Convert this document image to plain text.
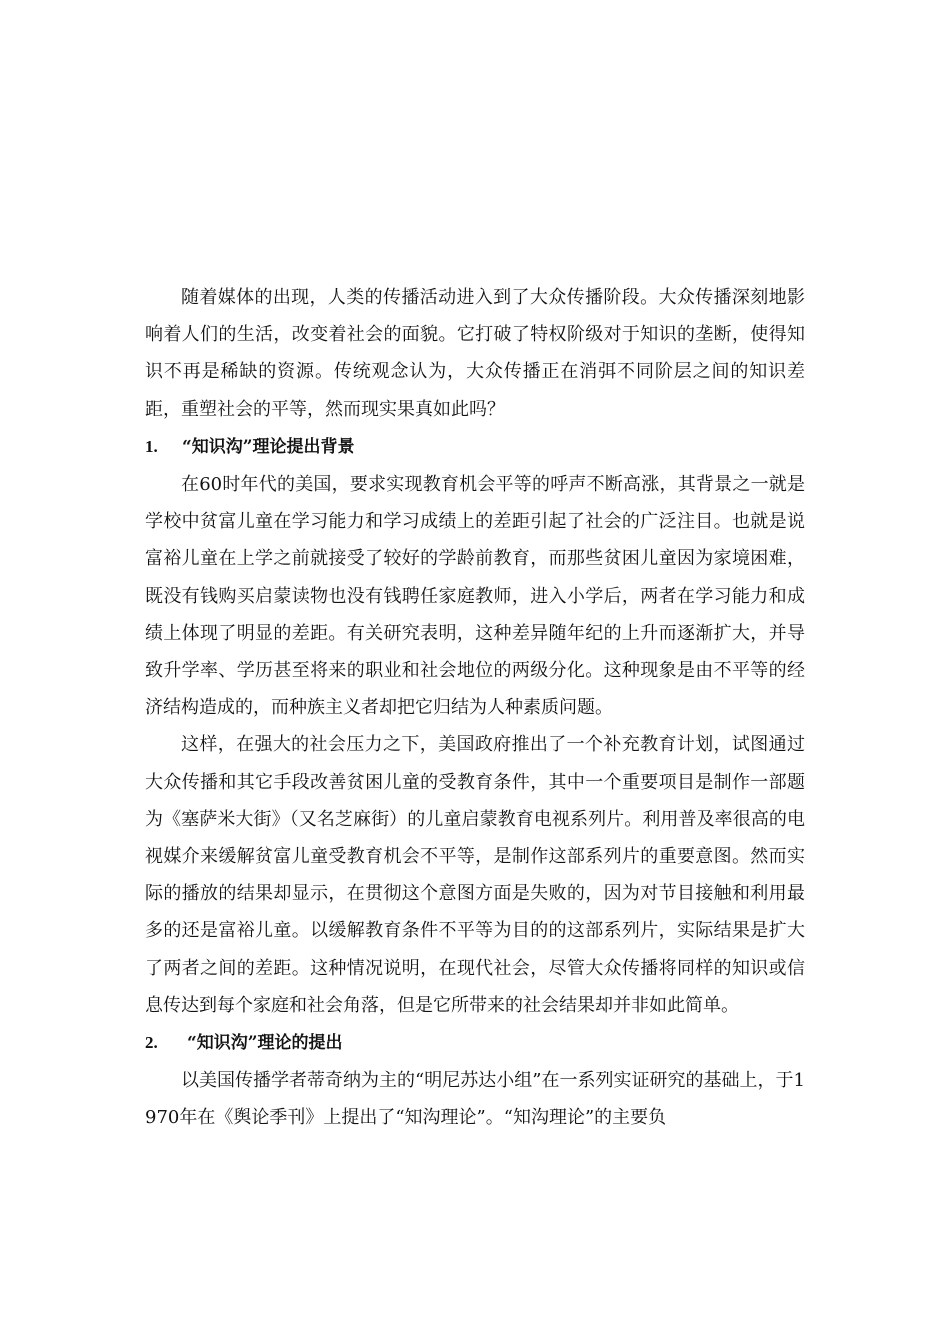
随着媒体的出现，人类的传播活动进入到了大众传播阶段。大众传播深刻地影响着人们的生活，改变着社会的面貌。它打破了特权阶级对于知识的垄断，使得知识不再是稀缺的资源。传统观念认为，大众传播正在消弭不同阶层之间的知识差距，重塑社会的平等，然而现实果真如此吗？

1. “知识沟”理论提出背景

在60时年代的美国，要求实现教育机会平等的呼声不断高涨，其背景之一就是学校中贫富儿童在学习能力和学习成绩上的差距引起了社会的广泛注目。也就是说富裕儿童在上学之前就接受了较好的学龄前教育，而那些贫困儿童因为家境困难，既没有钱购买启蒙读物也没有钱聘任家庭教师，进入小学后，两者在学习能力和成绩上体现了明显的差距。有关研究表明，这种差异随年纪的上升而逐渐扩大，并导致升学率、学历甚至将来的职业和社会地位的两级分化。这种现象是由不平等的经济结构造成的，而种族主义者却把它归结为人种素质问题。

这样，在强大的社会压力之下，美国政府推出了一个补充教育计划，试图通过大众传播和其它手段改善贫困儿童的受教育条件，其中一个重要项目是制作一部题为《塞萨米大街》（又名芝麻街）的儿童启蒙教育电视系列片。利用普及率很高的电视媒介来缓解贫富儿童受教育机会不平等，是制作这部系列片的重要意图。然而实际的播放的结果却显示，在贯彻这个意图方面是失败的，因为对节目接触和利用最多的还是富裕儿童。以缓解教育条件不平等为目的的这部系列片，实际结果是扩大了两者之间的差距。这种情况说明，在现代社会，尽管大众传播将同样的知识或信息传达到每个家庭和社会角落，但是它所带来的社会结果却并非如此简单。

2. “知识沟”理论的提出

以美国传播学者蒂奇纳为主的“明尼苏达小组”在一系列实证研究的基础上，于1970年在《舆论季刊》上提出了“知沟理论”。“知沟理论”的主要负
